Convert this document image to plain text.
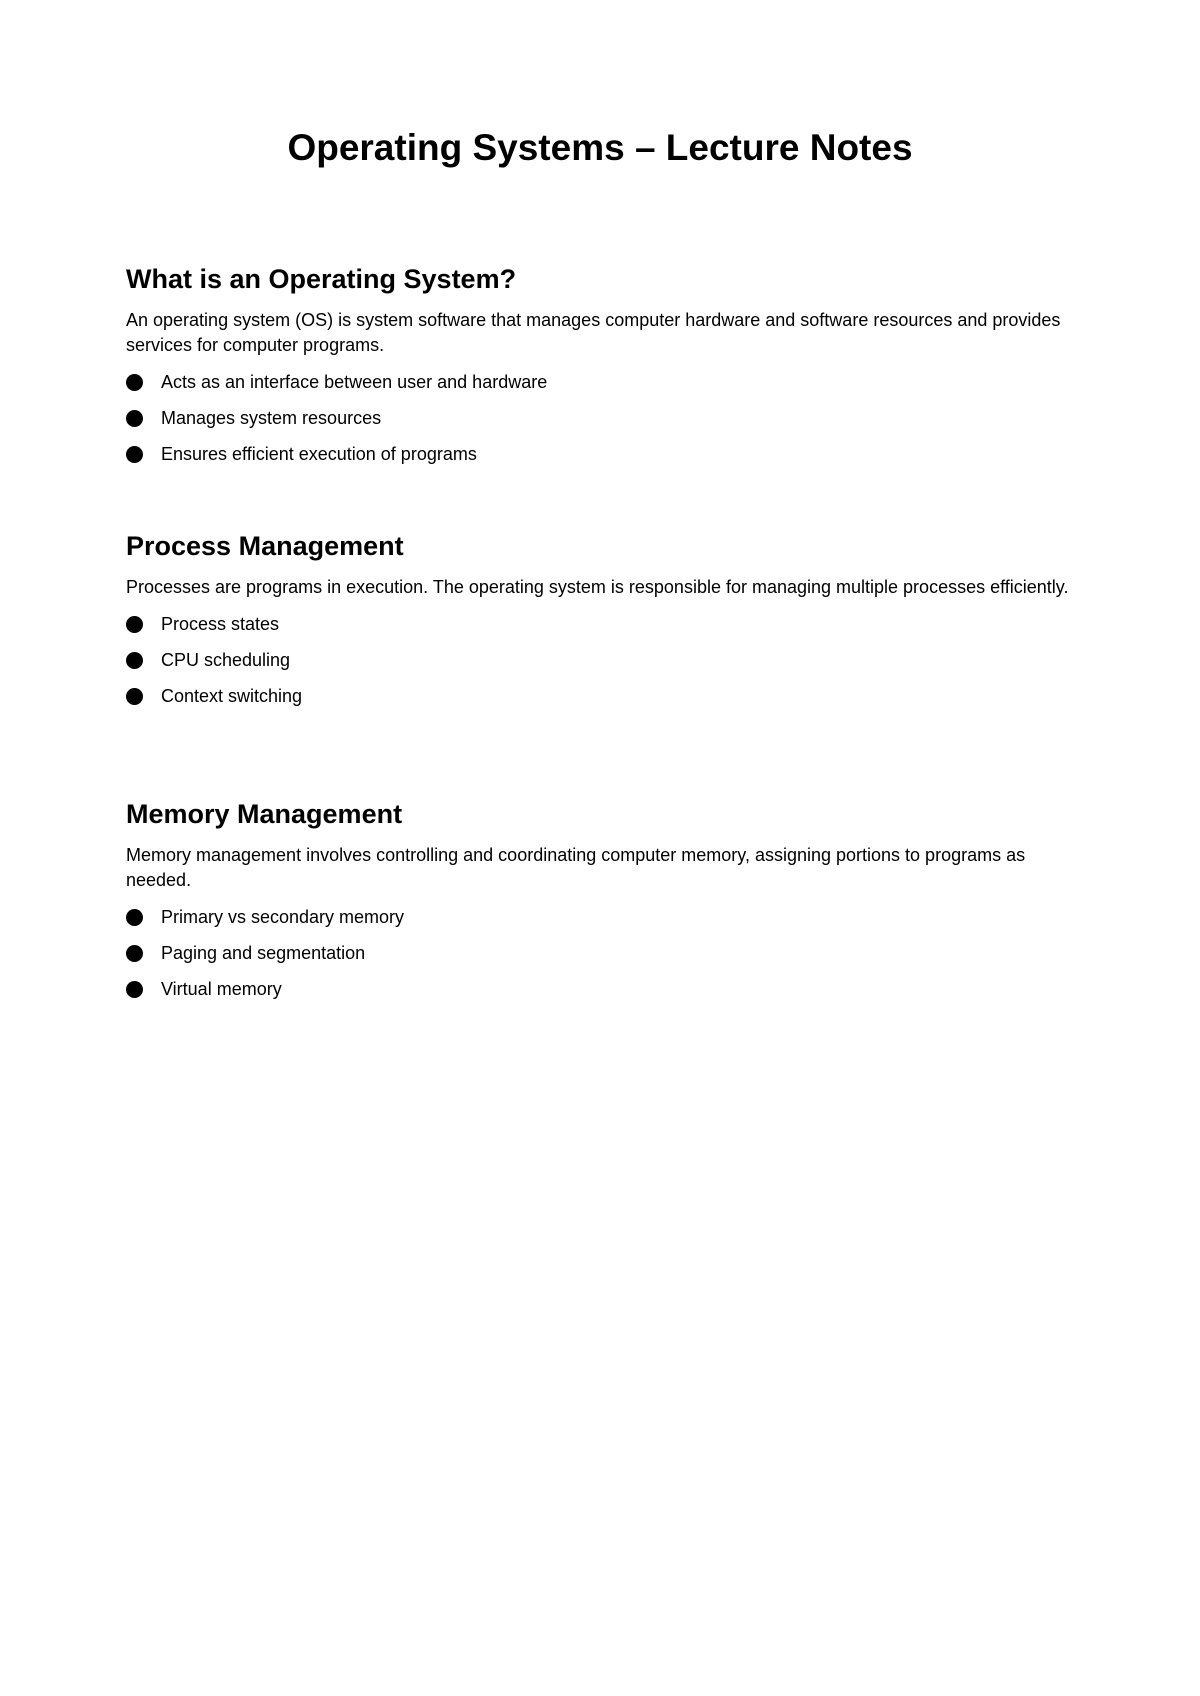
Operating Systems – Lecture Notes
What is an Operating System?

An operating system (OS) is system software that manages computer hardware and software resources and provides services for computer programs.

Acts as an interface between user and hardware
Manages system resources
Ensures efficient execution of programs
Process Management

Processes are programs in execution. The operating system is responsible for managing multiple processes efficiently.

Process states
CPU scheduling
Context switching
Memory Management

Memory management involves controlling and coordinating computer memory, assigning portions to programs as needed.

Primary vs secondary memory
Paging and segmentation
Virtual memory
